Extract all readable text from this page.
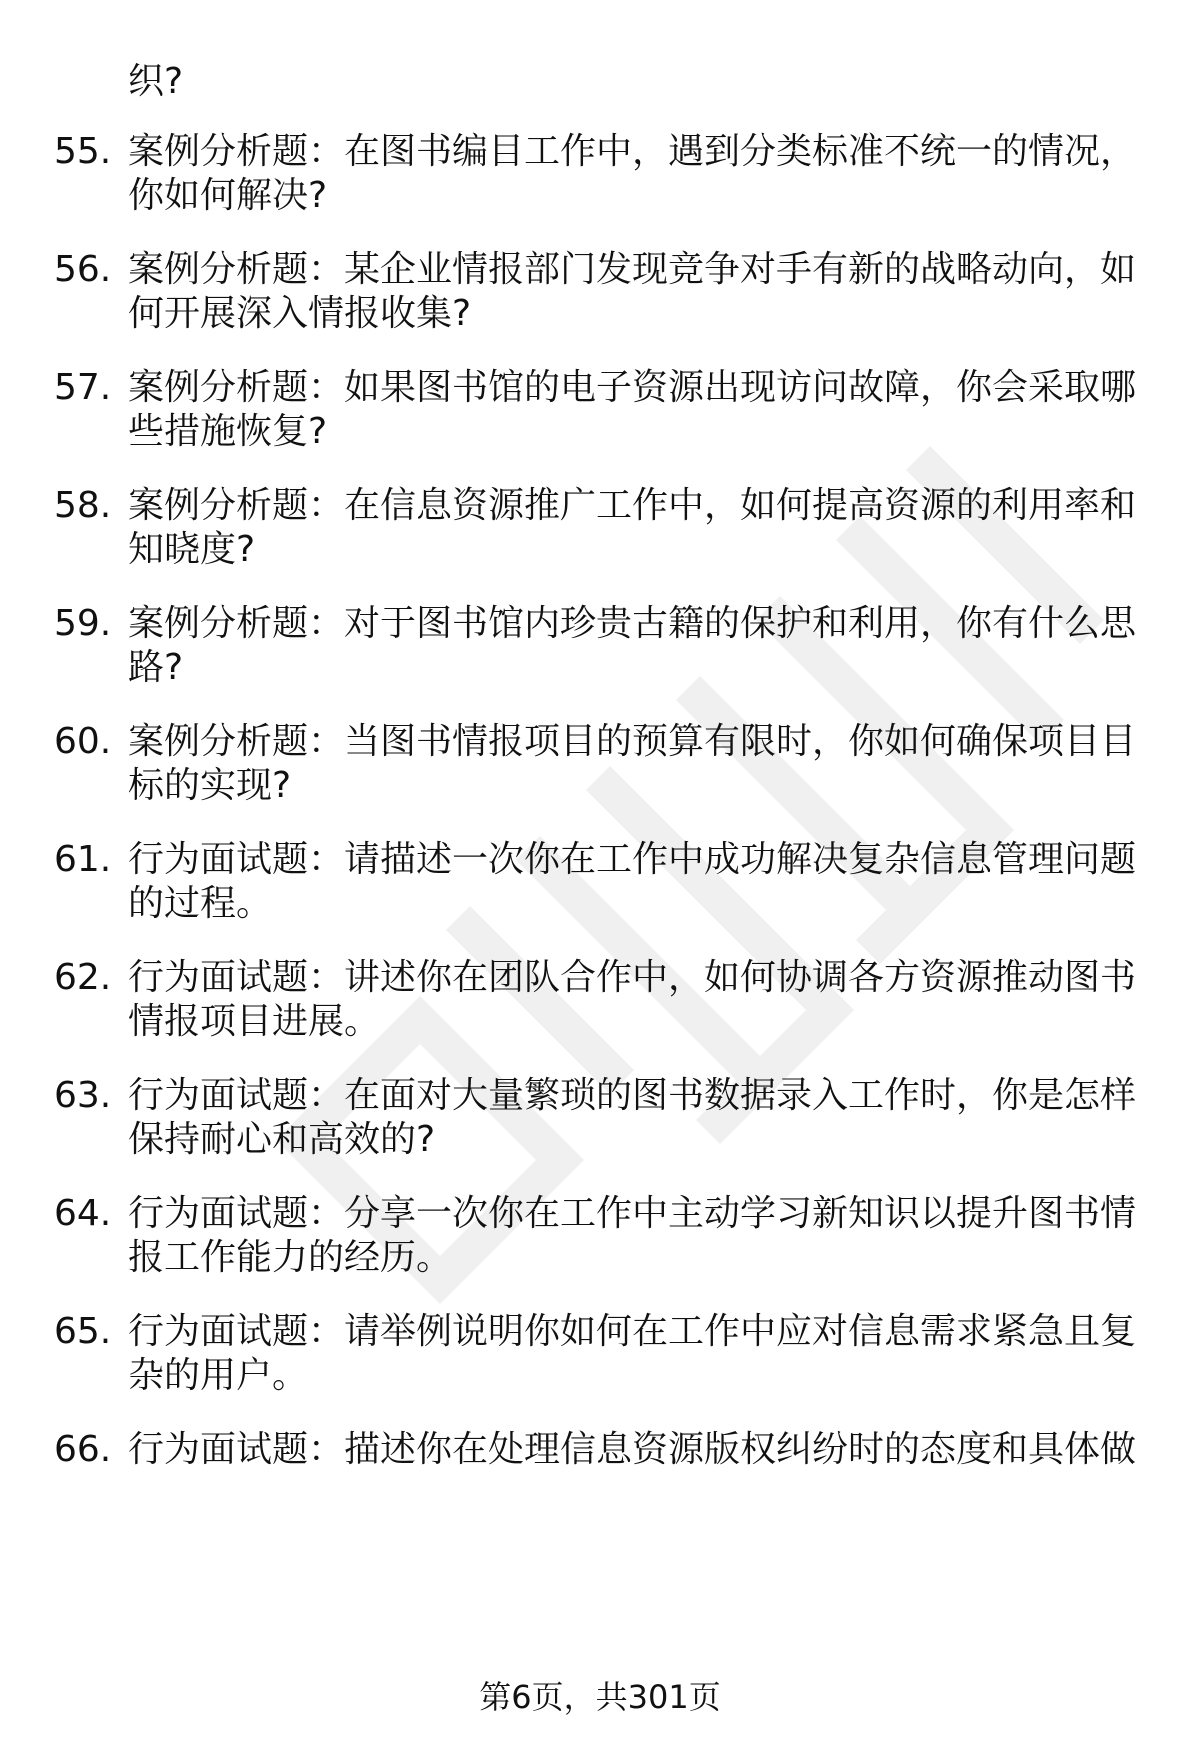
织?
55. 案例分析题：在图书编目工作中，遇到分类标准不统一的情况，
你如何解决?
56. 案例分析题：某企业情报部门发现竞争对手有新的战略动向，如
何开展深入情报收集?
57. 案例分析题：如果图书馆的电子资源出现访问故障，你会采取哪
些措施恢复?
58. 案例分析题：在信息资源推广工作中，如何提高资源的利用率和
知晓度?
59. 案例分析题：对于图书馆内珍贵古籍的保护和利用，你有什么思
路?
60. 案例分析题：当图书情报项目的预算有限时，你如何确保项目目
标的实现?
61. 行为面试题：请描述一次你在工作中成功解决复杂信息管理问题
的过程。
62. 行为面试题：讲述你在团队合作中，如何协调各方资源推动图书
情报项目进展。
63. 行为面试题：在面对大量繁琐的图书数据录入工作时，你是怎样
保持耐心和高效的?
64. 行为面试题：分享一次你在工作中主动学习新知识以提升图书情
报工作能力的经历。
65. 行为面试题：请举例说明你如何在工作中应对信息需求紧急且复
杂的用户。
66. 行为面试题：描述你在处理信息资源版权纠纷时的态度和具体做
第6页，共301页
